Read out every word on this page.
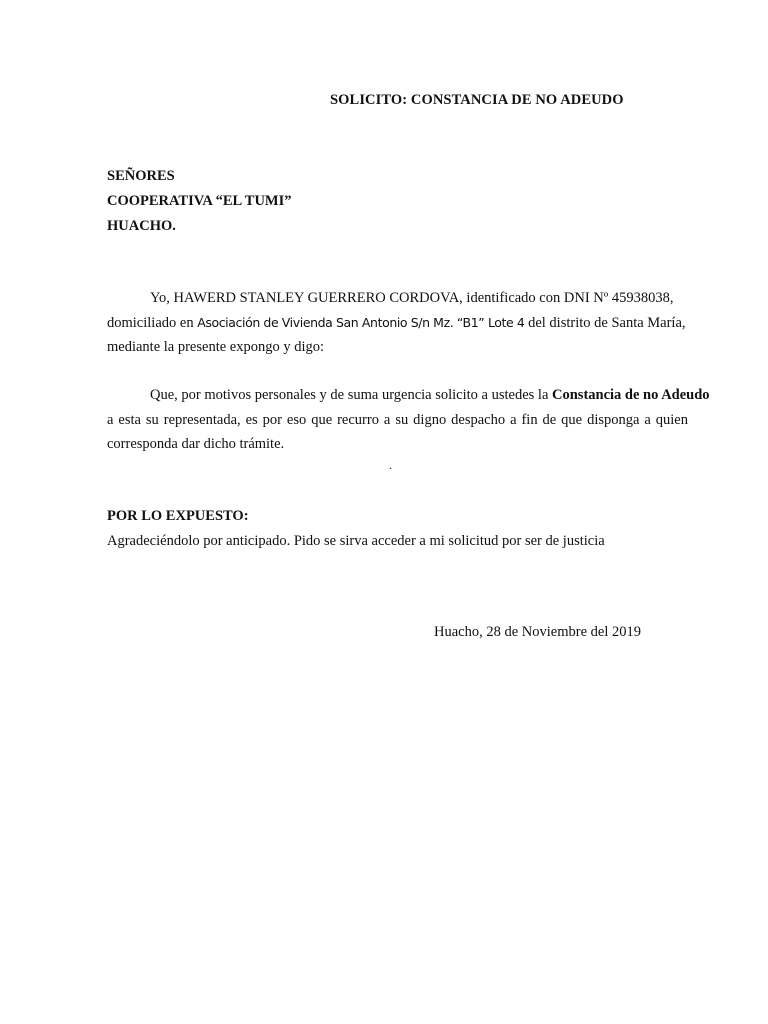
SOLICITO: CONSTANCIA DE NO ADEUDO
SEÑORES
COOPERATIVA “EL TUMI”
HUACHO.
Yo, HAWERD STANLEY GUERRERO CORDOVA, identificado con DNI Nº 45938038,
domiciliado en Asociación de Vivienda San Antonio S/n Mz. “B1” Lote 4 del distrito de Santa María,
mediante la presente expongo y digo:
Que, por motivos personales y de suma urgencia solicito a ustedes la Constancia de no Adeudo
a esta su representada, es por eso que recurro a su digno despacho a fin de que disponga a quien
corresponda dar dicho trámite.
.
POR LO EXPUESTO:
Agradeciéndolo por anticipado. Pido se sirva acceder a mi solicitud por ser de justicia
Huacho, 28 de Noviembre del 2019
